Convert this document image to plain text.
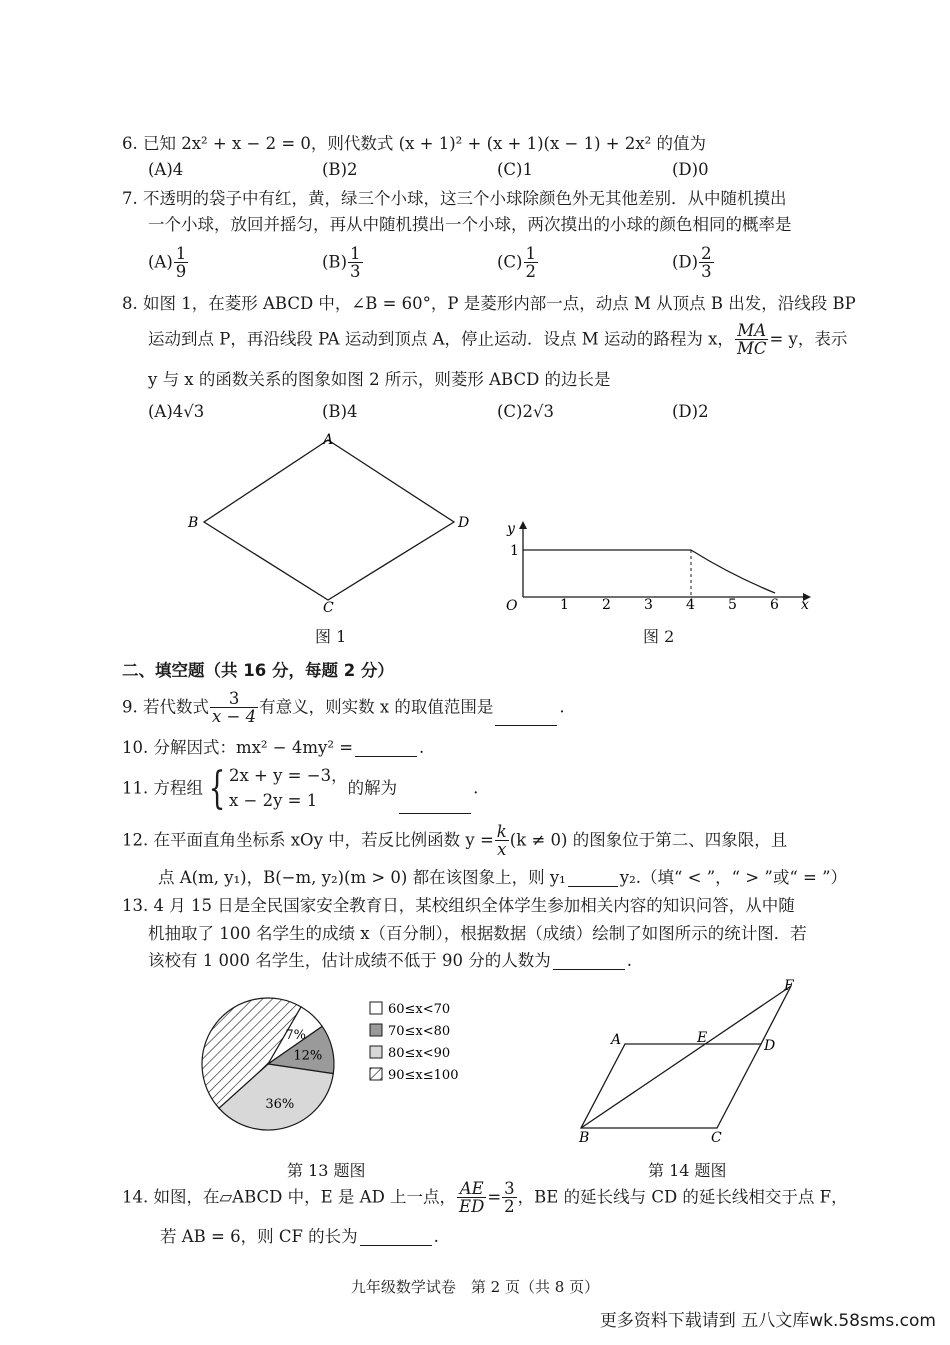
6. 已知 2x² + x − 2 = 0，则代数式 (x + 1)² + (x + 1)(x − 1) + 2x² 的值为
(A)4	(B)2	(C)1	(D)0
7. 不透明的袋子中有红，黄，绿三个小球，这三个小球除颜色外无其他差别．从中随机摸出
一个小球，放回并摇匀，再从中随机摸出一个小球，两次摸出的小球的颜色相同的概率是
$(A) \frac{1}{9}$	$(B) \frac{1}{3}$	$(C) \frac{1}{2}$	$(D) \frac{2}{3}$
8. 如图 1，在菱形 ABCD 中，∠B = 60°，P 是菱形内部一点，动点 M 从顶点 B 出发，沿线段 BP
运动到点 P，再沿线段 PA 运动到顶点 A，停止运动．设点 M 运动的路程为 x， $\frac{MA}{MC} = y$，表示
y 与 x 的函数关系的图象如图 2 所示，则菱形 ABCD 的边长是
(A)4√3	(B)4	(C)2√3	(D)2
A
B
C
D
图 1
y
x
O
1
1 2 3 4 5 6
图 2
二、填空题（共 16 分，每题 2 分）
9. 若代数式 $\frac{3}{x - 4}$ 有意义，则实数 x 的取值范围是	.
10. 分解因式：mx² − 4my² =	.
11. 方程组 { 2x + y = −3，
x − 2y = 1
的解为	.
12. 在平面直角坐标系 xOy 中，若反比例函数 $y = \frac{k}{x} (k \ne 0)$ 的图象位于第二、四象限，且
点 A(m, y₁)，B(−m, y₂)(m > 0) 都在该图象上，则 y₁	y₂.（填“ < ”，“ > ”或“ = ”）
13. 4 月 15 日是全民国家安全教育日，某校组织全体学生参加相关内容的知识问答，从中随
机抽取了 100 名学生的成绩 x（百分制），根据数据（成绩）绘制了如图所示的统计图．若
该校有 1 000 名学生，估计成绩不低于 90 分的人数为	.
7%
12%
36%
60≤x<70
70≤x<80
80≤x<90
90≤x≤100
第 13 题图
A
B	C
D
E
F
第 14 题图
14. 如图，在▱ABCD 中，E 是 AD 上一点， $\frac{AE}{ED} = \frac{3}{2}$ ，BE 的延长线与 CD 的延长线相交于点 F，
若 AB = 6，则 CF 的长为	.
九年级数学试卷　第 2 页（共 8 页）
更多资料下载请到 五八文库wk.58sms.com
